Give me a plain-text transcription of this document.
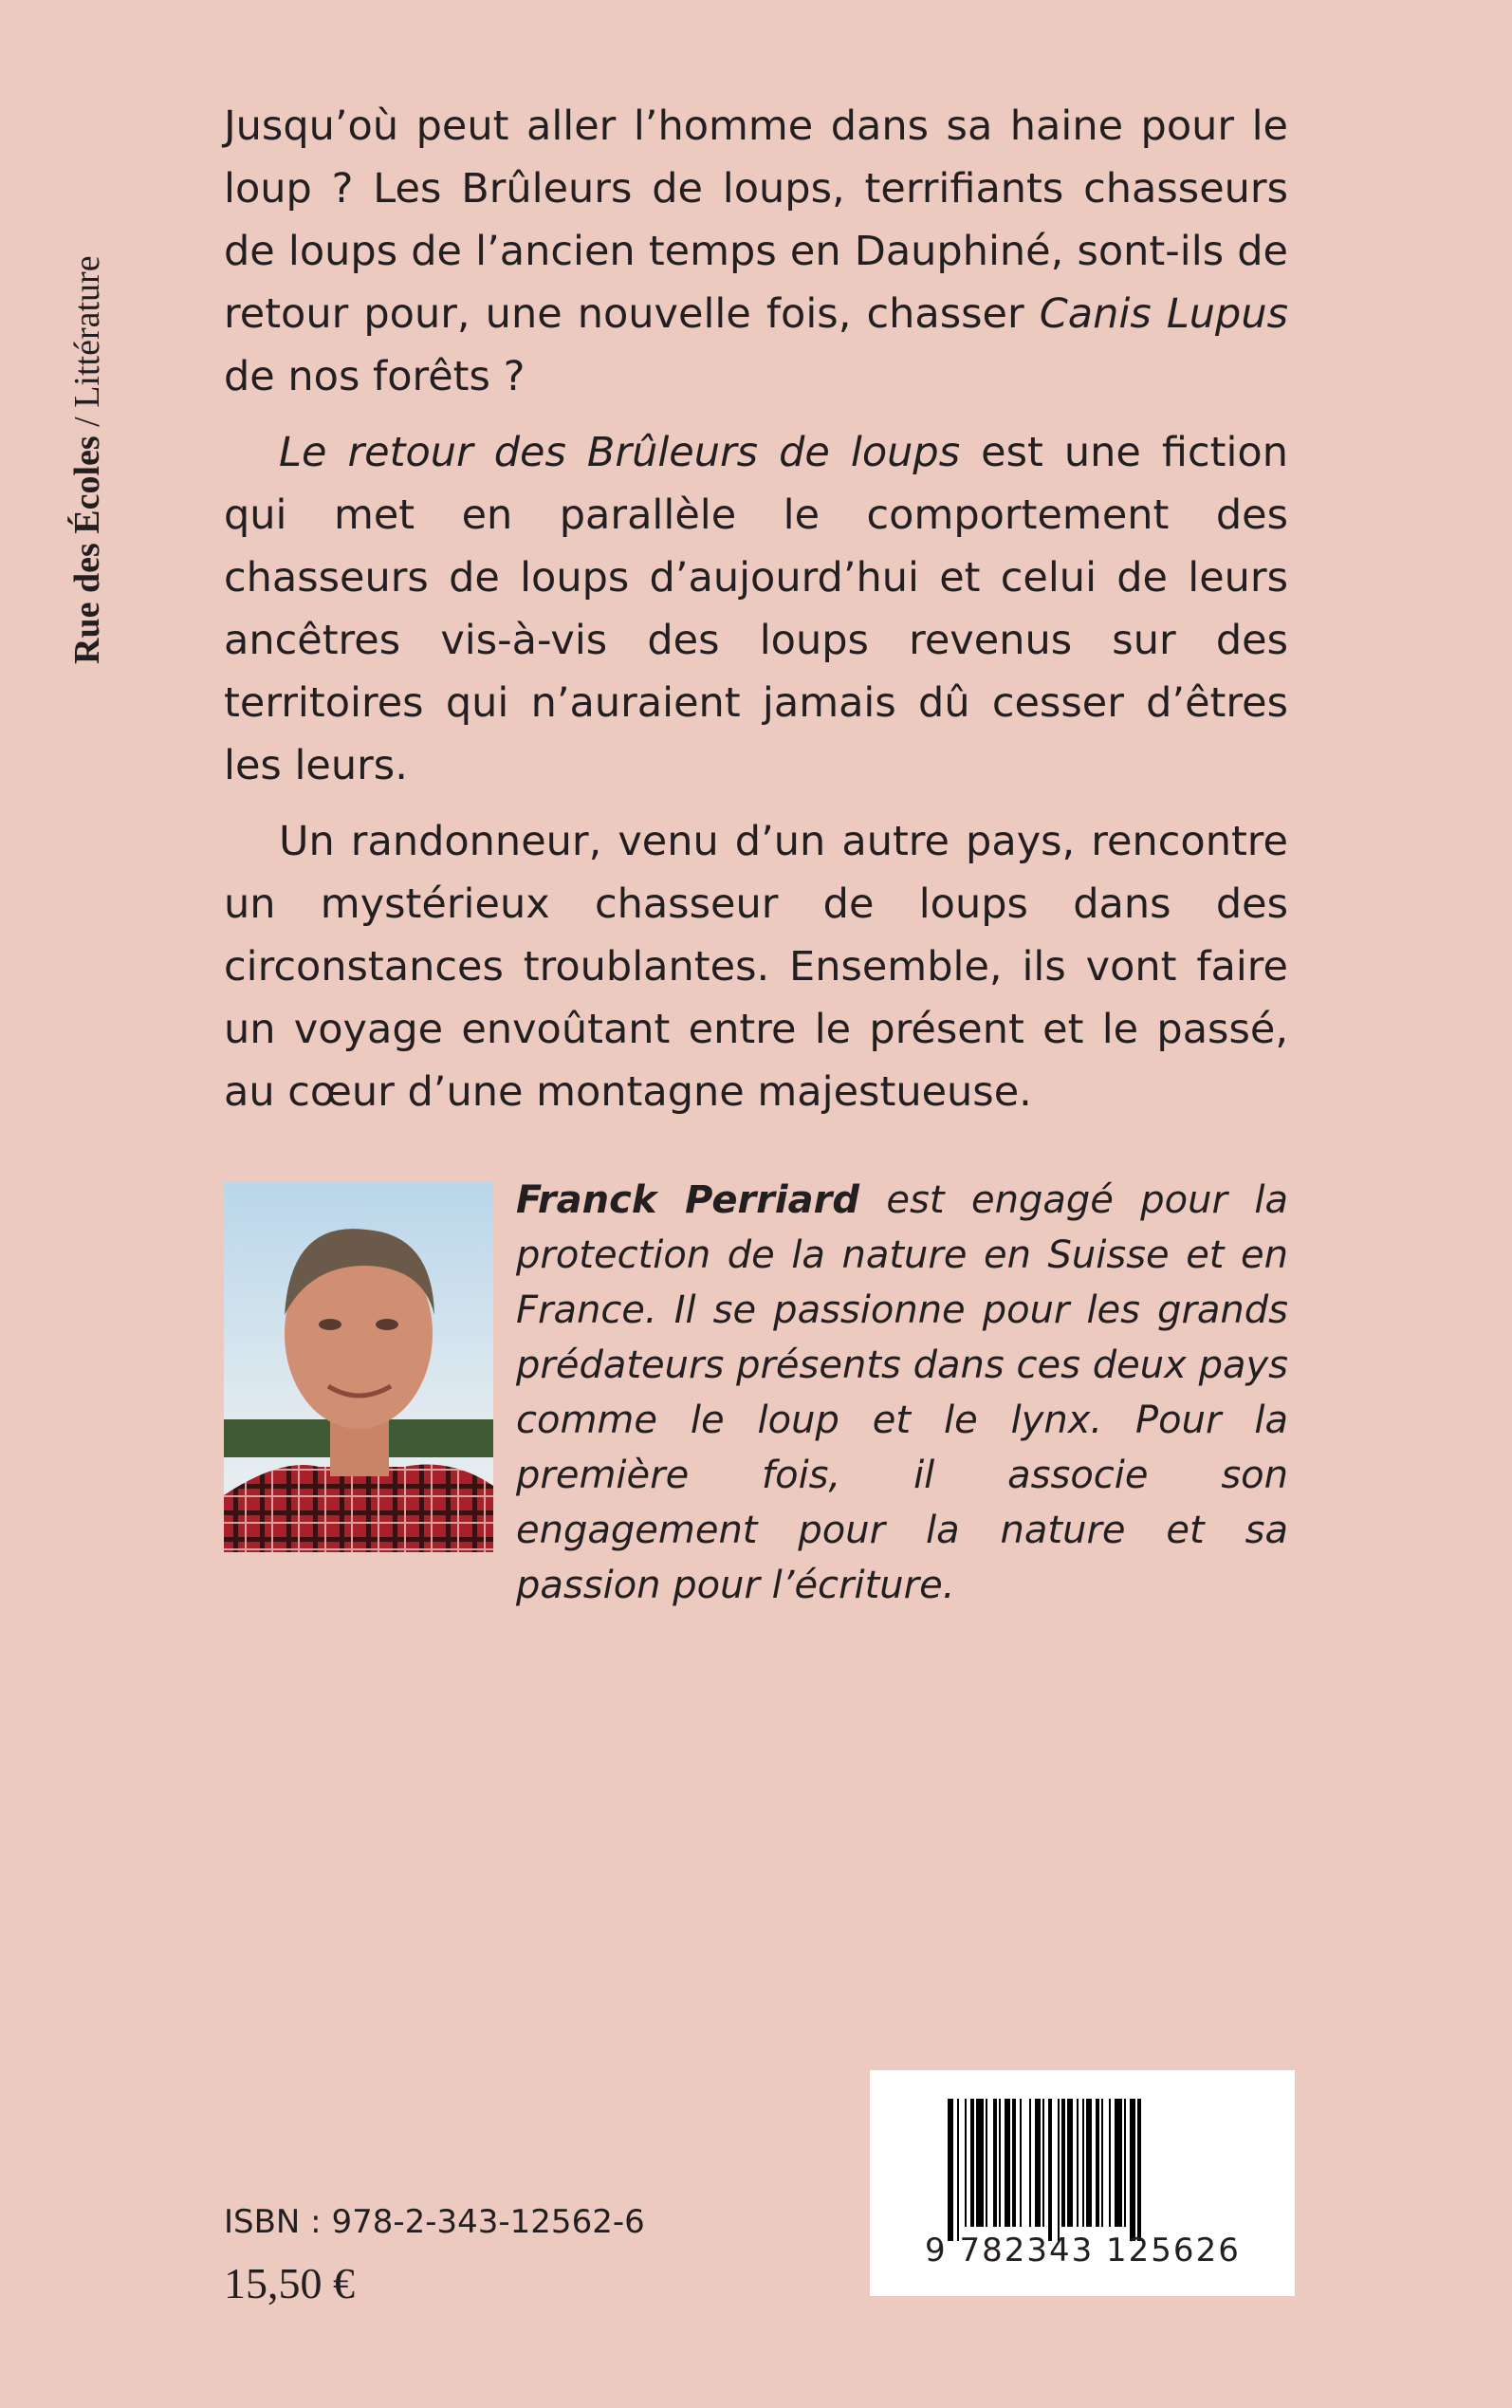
Rue des Écoles / Littérature

Jusqu’où peut aller l’homme dans sa haine pour le loup ? Les Brûleurs de loups, terrifiants chasseurs de loups de l’ancien temps en Dauphiné, sont-ils de retour pour, une nouvelle fois, chasser Canis Lupus de nos forêts ?

Le retour des Brûleurs de loups est une fiction qui met en parallèle le comportement des chasseurs de loups d’aujourd’hui et celui de leurs ancêtres vis-à-vis des loups revenus sur des territoires qui n’auraient jamais dû cesser d’êtres les leurs.

Un randonneur, venu d’un autre pays, rencontre un mystérieux chasseur de loups dans des circonstances troublantes. Ensemble, ils vont faire un voyage envoûtant entre le présent et le passé, au cœur d’une montagne majestueuse.

Franck Perriard est engagé pour la protection de la nature en Suisse et en France. Il se passionne pour les grands prédateurs présents dans ces deux pays comme le loup et le lynx. Pour la première fois, il associe son engagement pour la nature et sa passion pour l’écriture.
ISBN : 978-2-343-12562-6
15,50 €
9 782343 125626
